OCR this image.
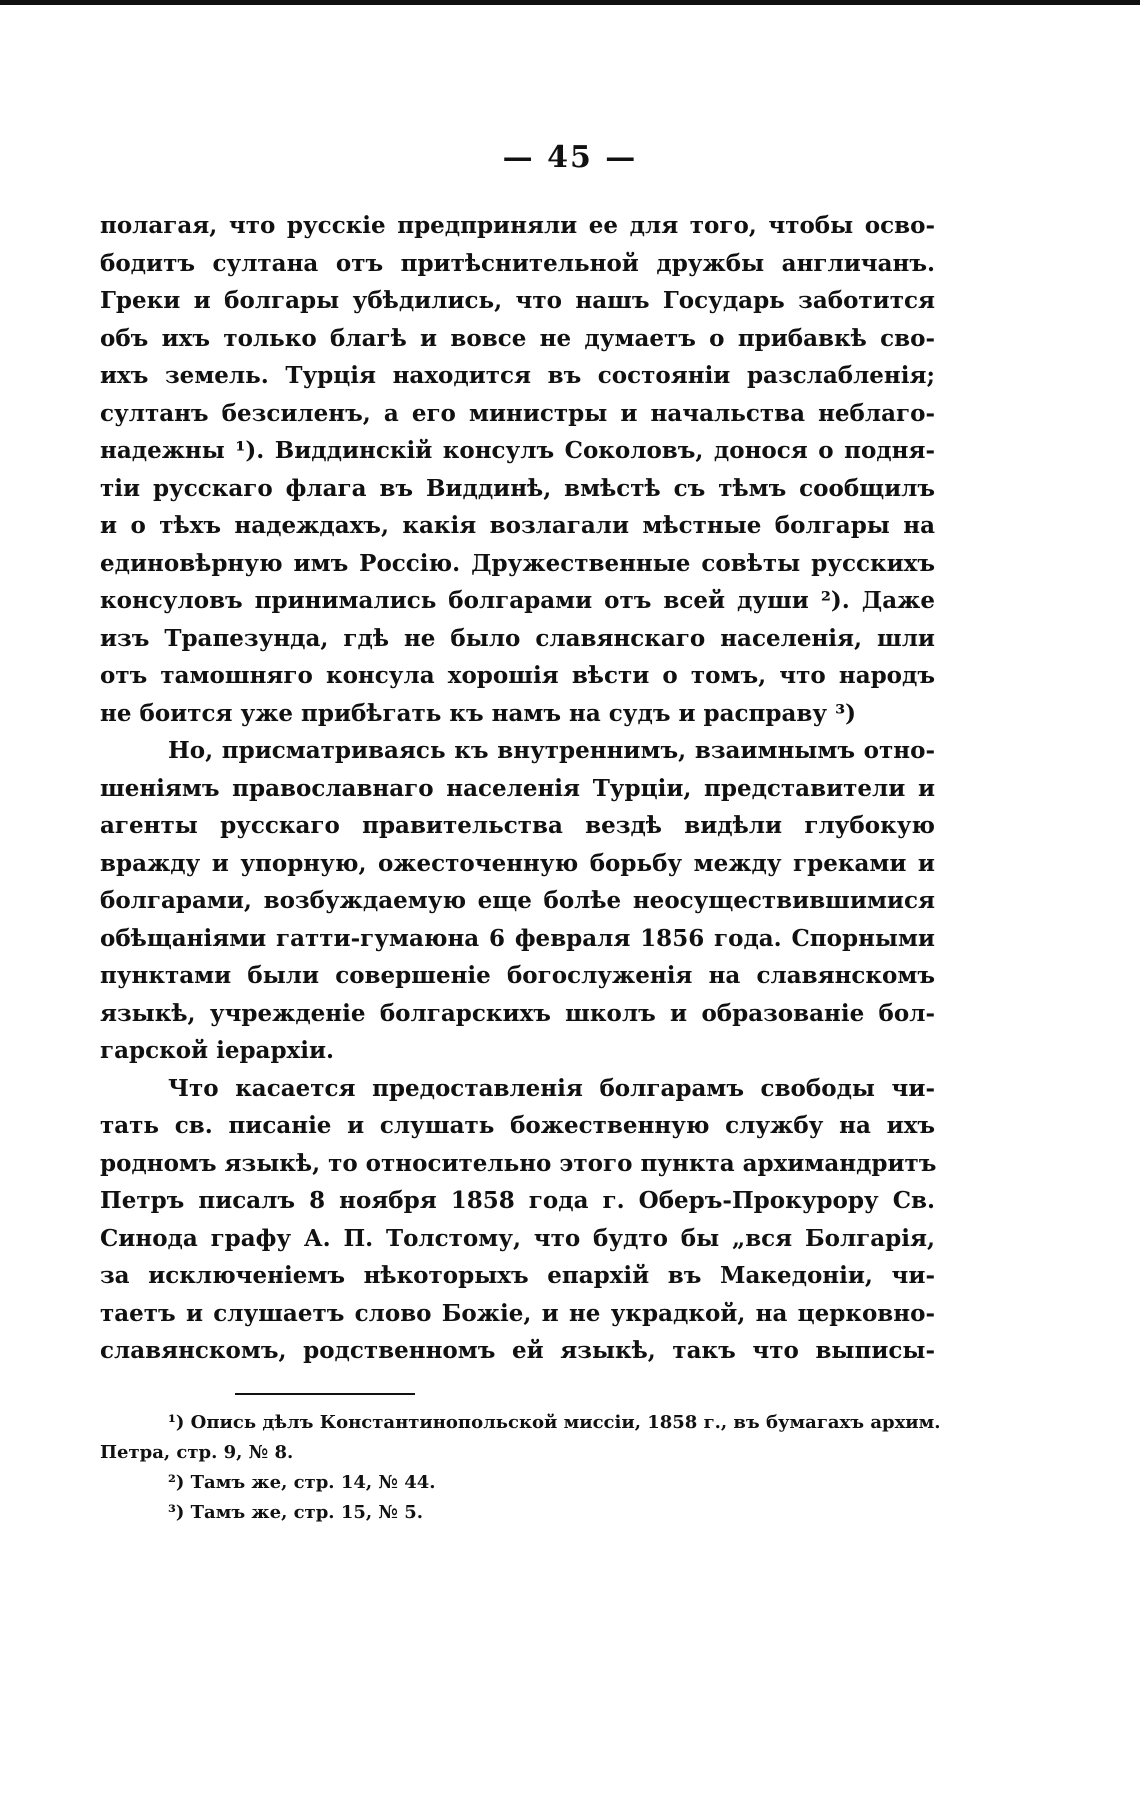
— 45 —
полагая, что русскіе предприняли ее для того, чтобы осво-
бодитъ султана отъ притѣснительной дружбы англичанъ.
Греки и болгары убѣдились, что нашъ Государь заботится
объ ихъ только благѣ и вовсе не думаетъ о прибавкѣ сво-
ихъ земель. Турція находится въ состояніи разслабленія;
султанъ безсиленъ, а его министры и начальства неблаго-
надежны ¹). Виддинскій консулъ Соколовъ, донося о подня-
тіи русскаго флага въ Виддинѣ, вмѣстѣ съ тѣмъ сообщилъ
и о тѣхъ надеждахъ, какія возлагали мѣстные болгары на
единовѣрную имъ Россію. Дружественные совѣты русскихъ
консуловъ принимались болгарами отъ всей души ²). Даже
изъ Трапезунда, гдѣ не было славянскаго населенія, шли
отъ тамошняго консула хорошія вѣсти о томъ, что народъ
не боится уже прибѣгать къ намъ на судъ и расправу ³)
Но, присматриваясь къ внутреннимъ, взаимнымъ отно-
шеніямъ православнаго населенія Турціи, представители и
агенты русскаго правительства вездѣ видѣли глубокую
вражду и упорную, ожесточенную борьбу между греками и
болгарами, возбуждаемую еще болѣе неосуществившимися
обѣщаніями гатти-гумаюна 6 февраля 1856 года. Спорными
пунктами были совершеніе богослуженія на славянскомъ
языкѣ, учрежденіе болгарскихъ школъ и образованіе бол-
гарской іерархіи.
Что касается предоставленія болгарамъ свободы чи-
тать св. писаніе и слушать божественную службу на ихъ
родномъ языкѣ, то относительно этого пункта архимандритъ
Петръ писалъ 8 ноября 1858 года г. Оберъ-Прокурору Св.
Синода графу А. П. Толстому, что будто бы „вся Болгарія,
за исключеніемъ нѣкоторыхъ епархій въ Македоніи, чи-
таетъ и слушаетъ слово Божіе, и не украдкой, на церковно-
славянскомъ, родственномъ ей языкѣ, такъ что выписы-
¹) Опись дѣлъ Константинопольской миссіи, 1858 г., въ бумагахъ архим.
Петра, стр. 9, № 8.
²) Тамъ же, стр. 14, № 44.
³) Тамъ же, стр. 15, № 5.
